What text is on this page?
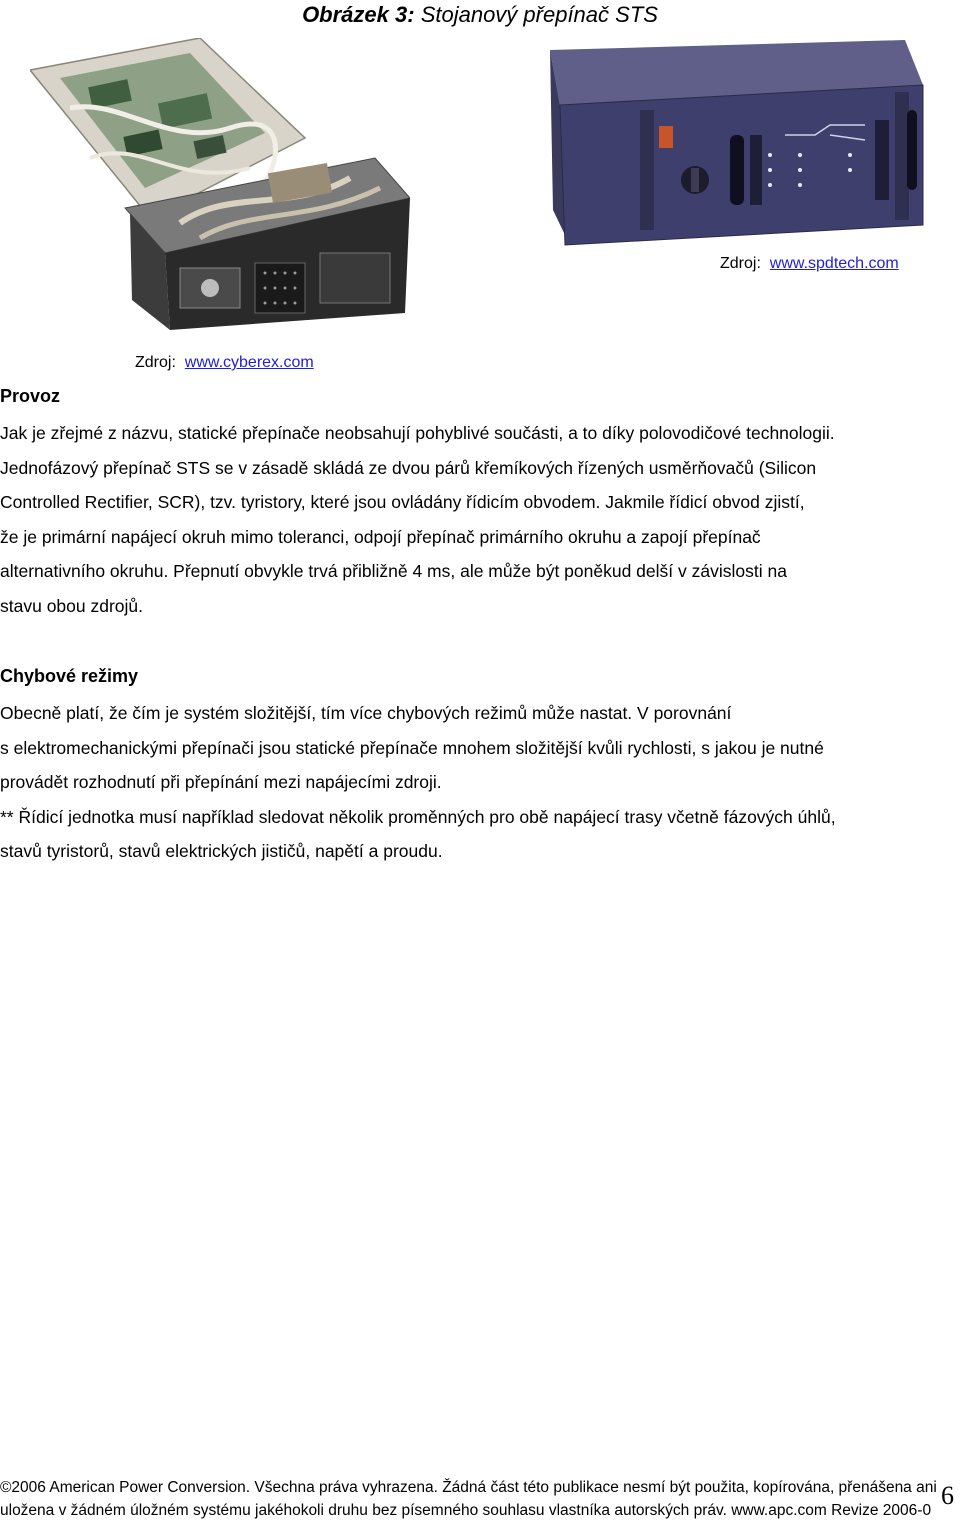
Obrázek 3: Stojanový přepínač STS
Zdroj: www.spdtech.com
Zdroj: www.cyberex.com
Provoz
Jak je zřejmé z názvu, statické přepínače neobsahují pohyblivé součásti, a to díky polovodičové technologii.
Jednofázový přepínač STS se v zásadě skládá ze dvou párů křemíkových řízených usměrňovačů (Silicon
Controlled Rectifier, SCR), tzv. tyristory, které jsou ovládány řídicím obvodem. Jakmile řídicí obvod zjistí,
že je primární napájecí okruh mimo toleranci, odpojí přepínač primárního okruhu a zapojí přepínač
alternativního okruhu. Přepnutí obvykle trvá přibližně 4 ms, ale může být poněkud delší v závislosti na
stavu obou zdrojů.
Chybové režimy
Obecně platí, že čím je systém složitější, tím více chybových režimů může nastat. V porovnání
s elektromechanickými přepínači jsou statické přepínače mnohem složitější kvůli rychlosti, s jakou je nutné
provádět rozhodnutí při přepínání mezi napájecími zdroji.
** Řídicí jednotka musí například sledovat několik proměnných pro obě napájecí trasy včetně fázových úhlů,
stavů tyristorů, stavů elektrických jističů, napětí a proudu.
©2006 American Power Conversion. Všechna práva vyhrazena. Žádná část této publikace nesmí být použita, kopírována, přenášena ani
uložena v žádném úložném systému jakéhokoli druhu bez písemného souhlasu vlastníka autorských práv. www.apc.com Revize 2006-0
6
